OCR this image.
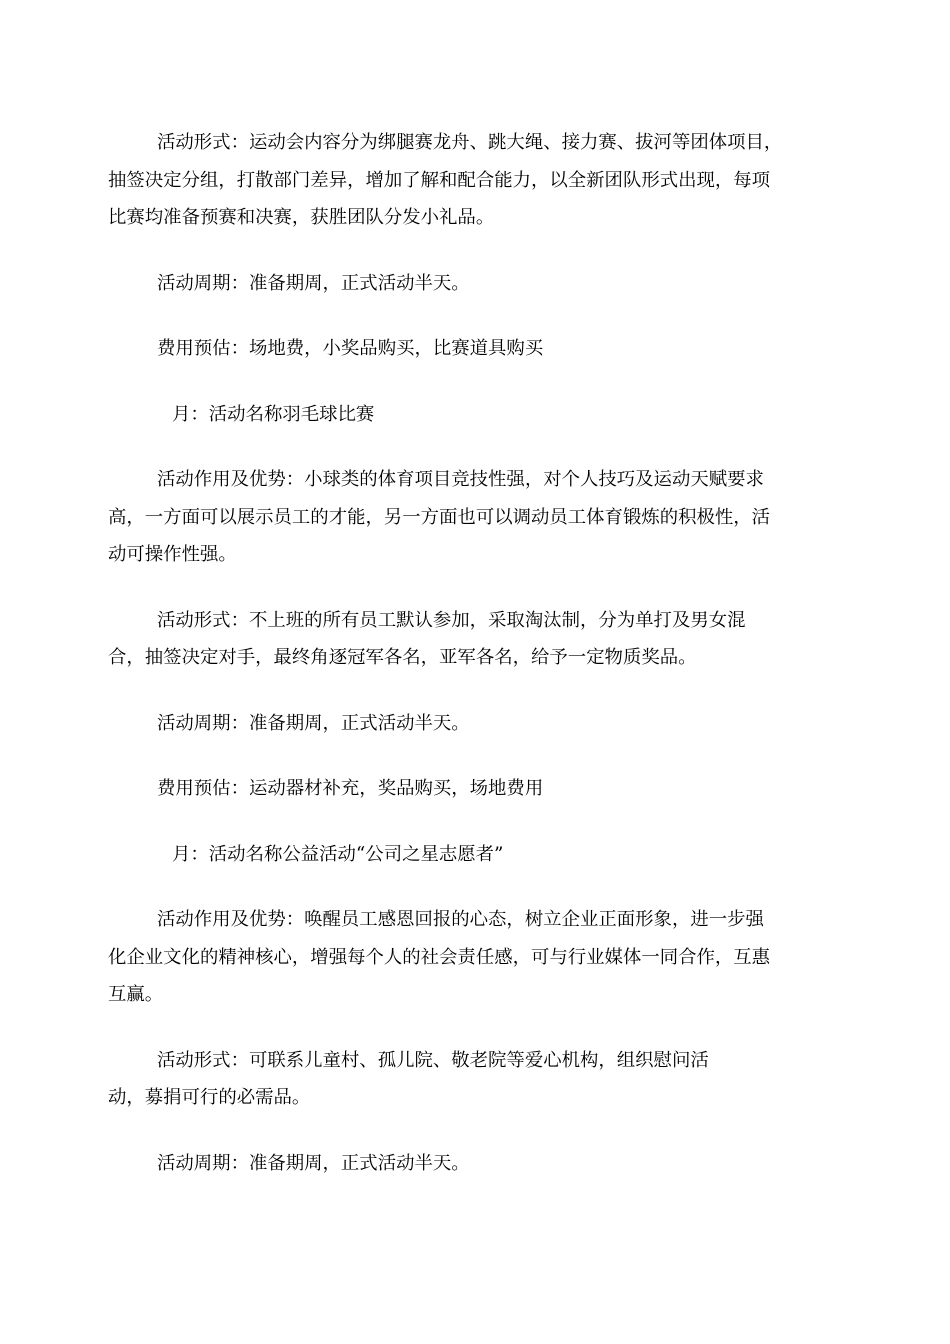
活动形式：运动会内容分为绑腿赛龙舟、跳大绳、接力赛、拔河等团体项目，
抽签决定分组，打散部门差异，增加了解和配合能力，以全新团队形式出现，每项
比赛均准备预赛和决赛，获胜团队分发小礼品。

活动周期：准备期周，正式活动半天。

费用预估：场地费，小奖品购买，比赛道具购买

月：活动名称羽毛球比赛

活动作用及优势：小球类的体育项目竞技性强，对个人技巧及运动天赋要求
高，一方面可以展示员工的才能，另一方面也可以调动员工体育锻炼的积极性，活
动可操作性强。

活动形式：不上班的所有员工默认参加，采取淘汰制，分为单打及男女混
合，抽签决定对手，最终角逐冠军各名，亚军各名，给予一定物质奖品。

活动周期：准备期周，正式活动半天。

费用预估：运动器材补充，奖品购买，场地费用

月：活动名称公益活动“公司之星志愿者”

活动作用及优势：唤醒员工感恩回报的心态，树立企业正面形象，进一步强
化企业文化的精神核心，增强每个人的社会责任感，可与行业媒体一同合作，互惠
互赢。

活动形式：可联系儿童村、孤儿院、敬老院等爱心机构，组织慰问活
动，募捐可行的必需品。

活动周期：准备期周，正式活动半天。
